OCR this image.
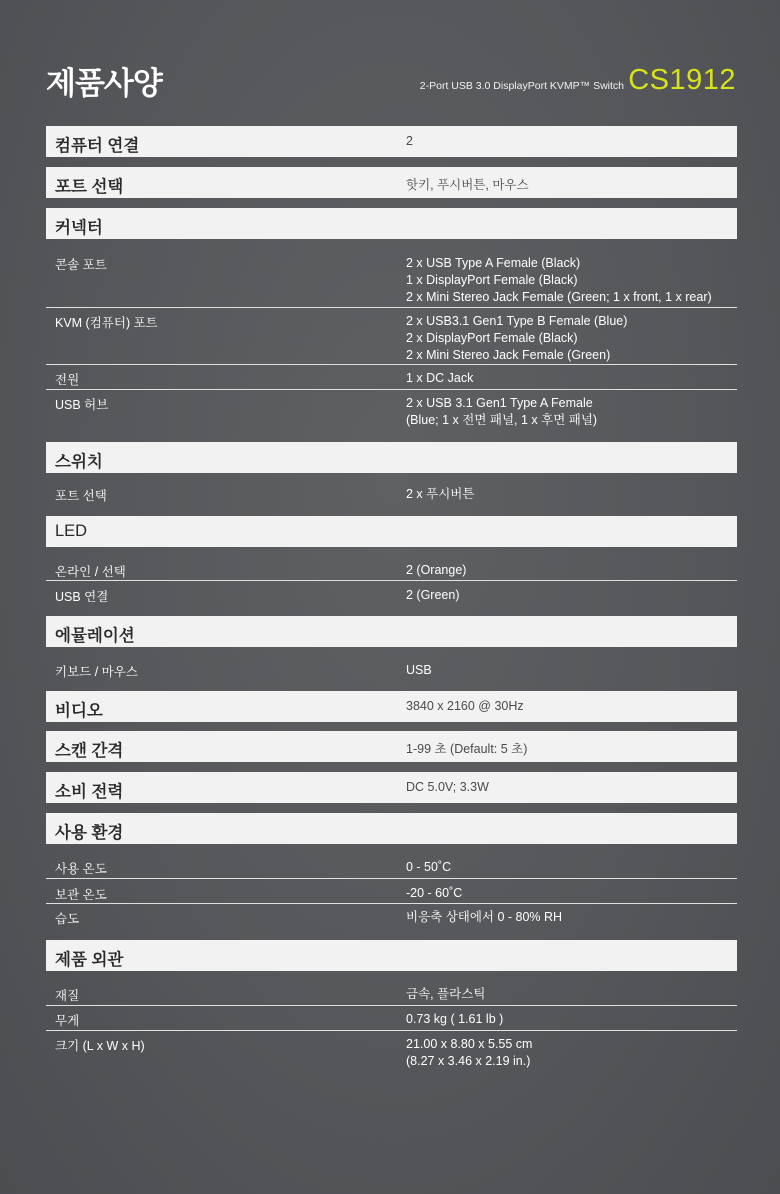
제품사양	2-Port USB 3.0 DisplayPort KVMP™ Switch CS1912
컴퓨터 연결	2
포트 선택	핫키, 푸시버튼, 마우스
커넥터
콘솔 포트	2 x USB Type A Female (Black)
1 x DisplayPort Female (Black)
2 x Mini Stereo Jack Female (Green; 1 x front, 1 x rear)
KVM (컴퓨터) 포트	2 x USB3.1 Gen1 Type B Female (Blue)
2 x DisplayPort Female (Black)
2 x Mini Stereo Jack Female (Green)
전원	1 x DC Jack
USB 허브	2 x USB 3.1 Gen1 Type A Female
(Blue; 1 x 전면 패널, 1 x 후면 패널)
스위치
포트 선택	2 x 푸시버튼
LED
온라인 / 선택	2 (Orange)
USB 연결	2 (Green)
에뮬레이션
키보드 / 마우스	USB
비디오	3840 x 2160 @ 30Hz
스캔 간격	1-99 초 (Default: 5 초)
소비 전력	DC 5.0V; 3.3W
사용 환경
사용 온도	0 - 50˚C
보관 온도	-20 - 60˚C
습도	비응축 상태에서 0 - 80% RH
제품 외관
재질	금속, 플라스틱
무게	0.73 kg ( 1.61 lb )
크기 (L x W x H)	21.00 x 8.80 x 5.55 cm
(8.27 x 3.46 x 2.19 in.)
